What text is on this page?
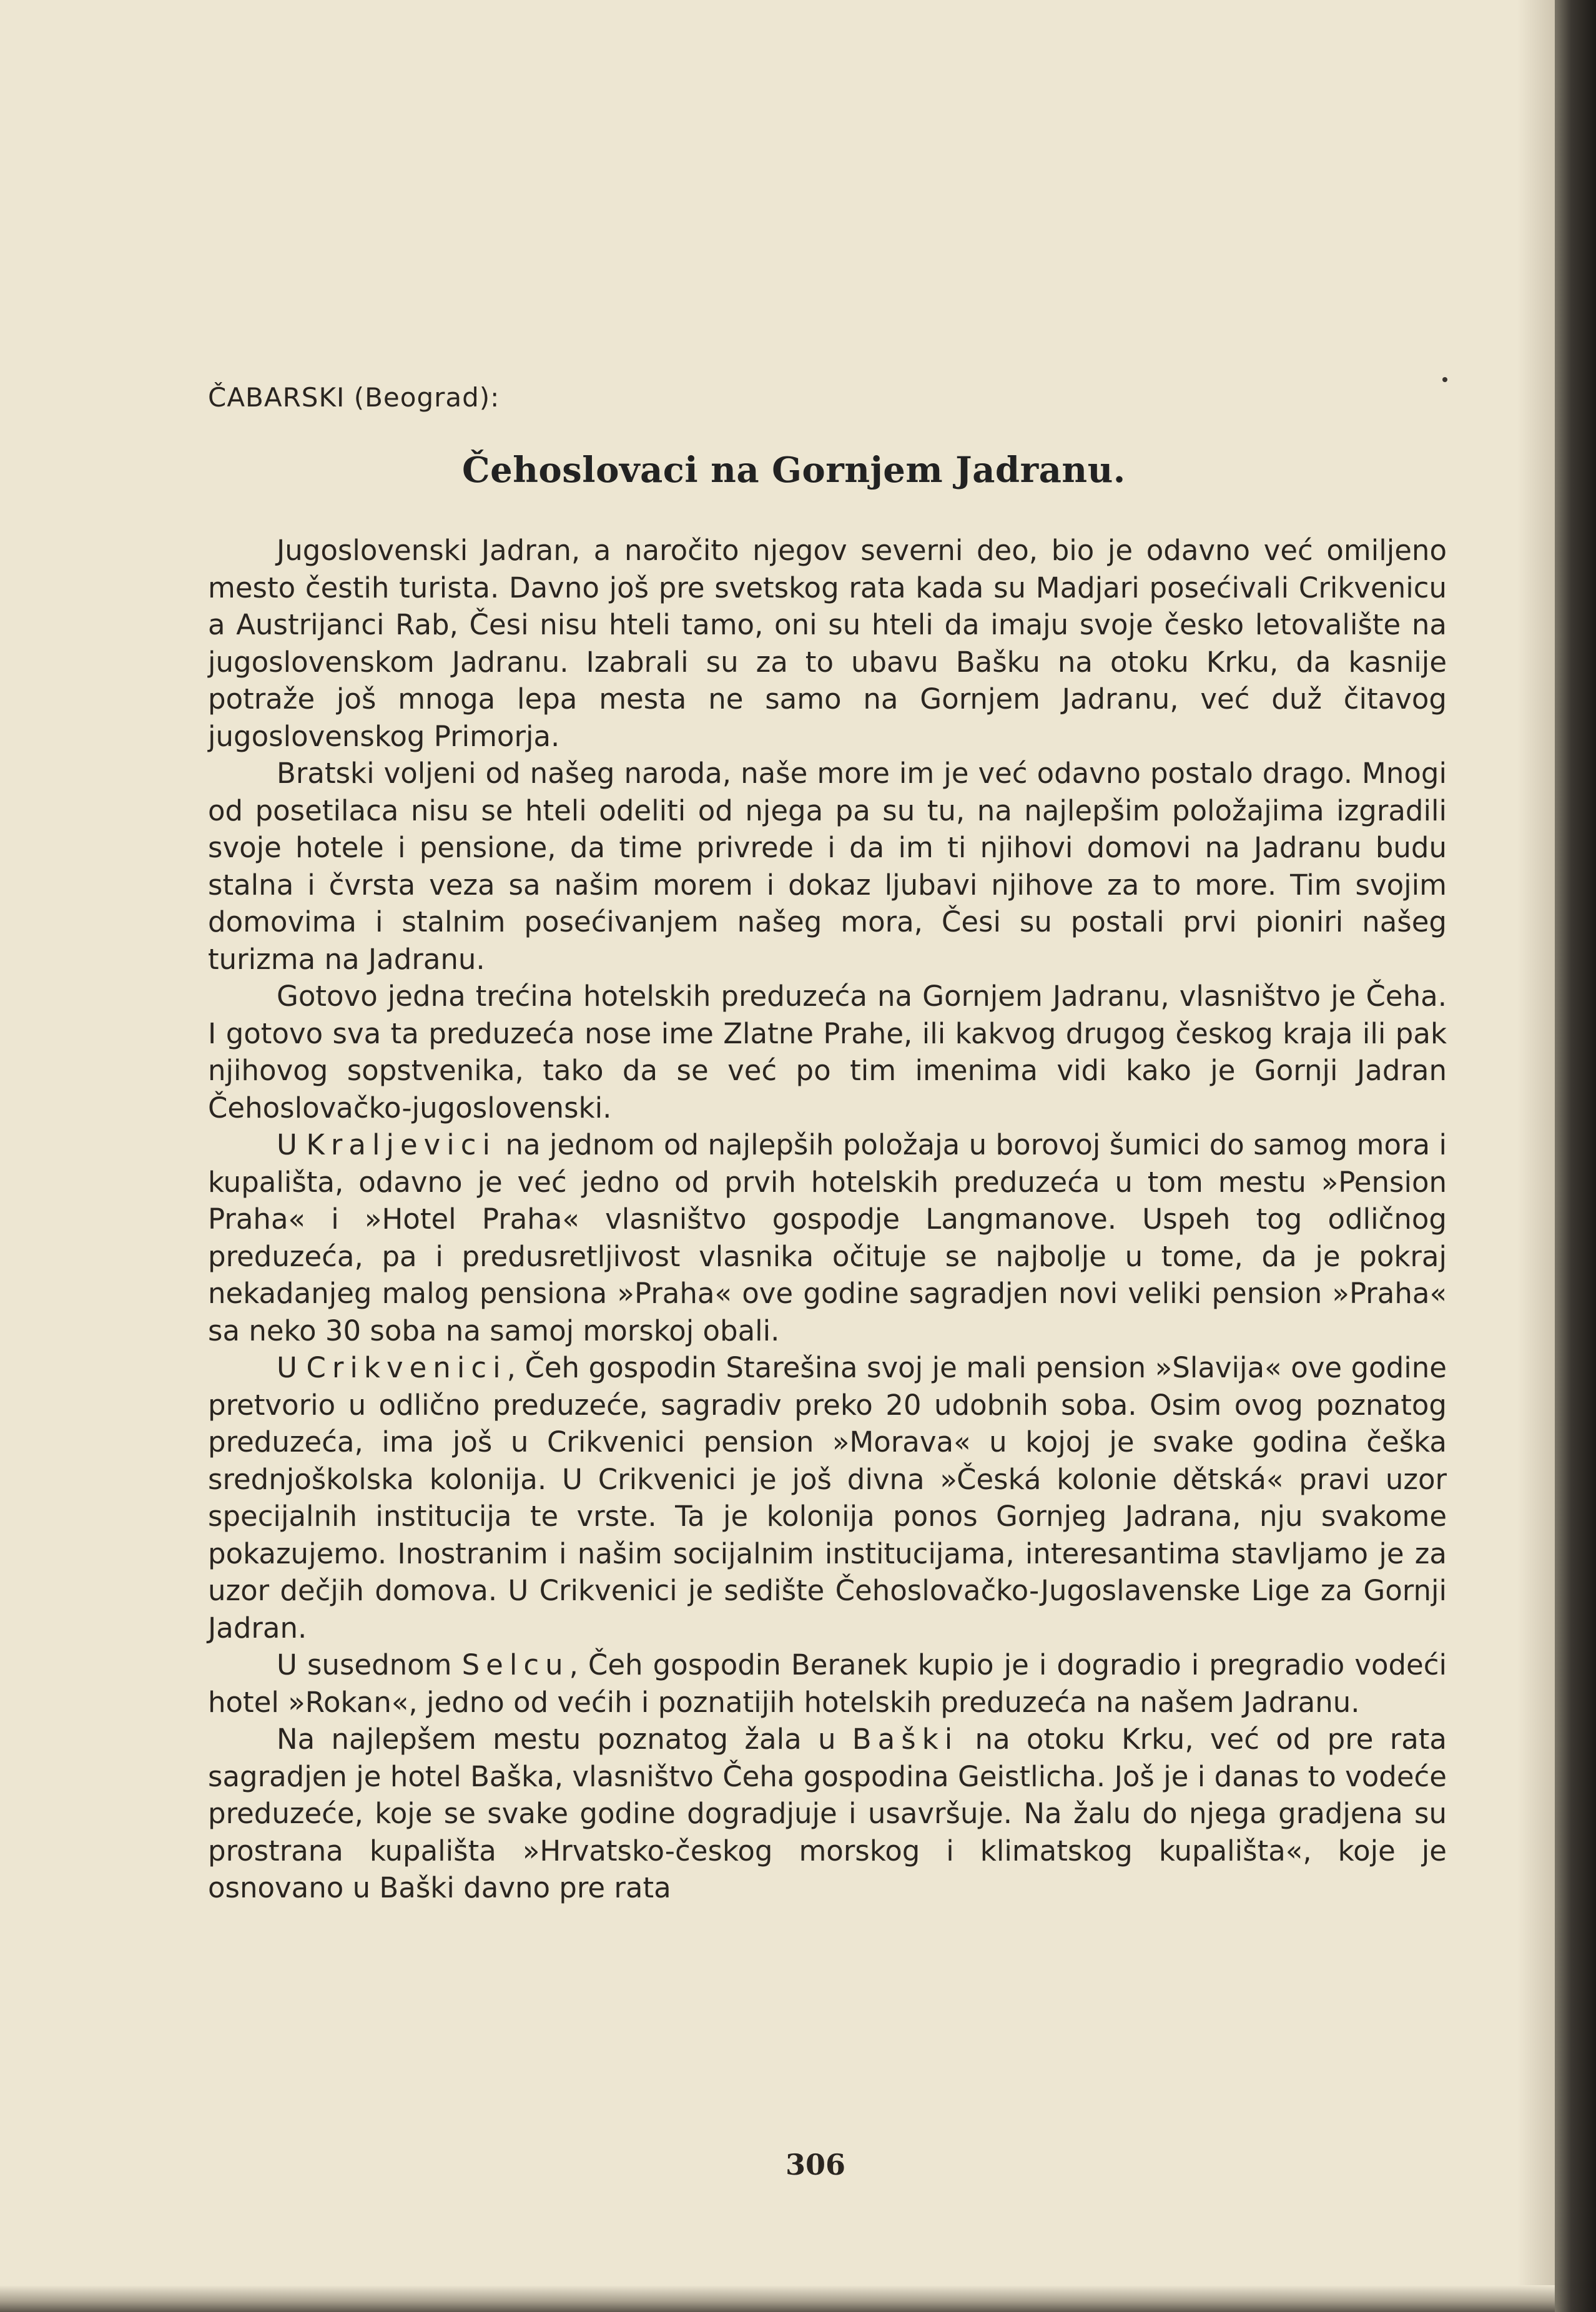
ČABARSKI (Beograd):
Čehoslovaci na Gornjem Jadranu.

Jugoslovenski Jadran, a naročito njegov severni deo, bio je odavno već omiljeno mesto čestih turista. Davno još pre svetskog rata kada su Madjari posećivali Crikvenicu a Austrijanci Rab, Česi nisu hteli tamo, oni su hteli da imaju svoje česko letovalište na jugoslovenskom Jadranu. Izabrali su za to ubavu Bašku na otoku Krku, da kasnije potraže još mnoga lepa mesta ne samo na Gornjem Jadranu, već duž čitavog jugoslovenskog Primorja.

Bratski voljeni od našeg naroda, naše more im je već odavno postalo drago. Mnogi od posetilaca nisu se hteli odeliti od njega pa su tu, na najlepšim položajima izgradili svoje hotele i pensione, da time privrede i da im ti njihovi domovi na Jadranu budu stalna i čvrsta veza sa našim morem i dokaz ljubavi njihove za to more. Tim svojim domovima i stalnim posećivanjem našeg mora, Česi su postali prvi pioniri našeg turizma na Jadranu.

Gotovo jedna trećina hotelskih preduzeća na Gornjem Jadranu, vlasništvo je Čeha. I gotovo sva ta preduzeća nose ime Zlatne Prahe, ili kakvog drugog českog kraja ili pak njihovog sopstvenika, tako da se već po tim imenima vidi kako je Gornji Jadran Čehoslovačko-jugoslovenski.

U Kraljevici na jednom od najlepših položaja u borovoj šumici do samog mora i kupališta, odavno je već jedno od prvih hotelskih preduzeća u tom mestu »Pension Praha« i »Hotel Praha« vlasništvo gospodje Langmanove. Uspeh tog odličnog preduzeća, pa i predusretljivost vlasnika očituje se najbolje u tome, da je pokraj nekadanjeg malog pensiona »Praha« ove godine sagradjen novi veliki pension »Praha« sa neko 30 soba na samoj morskoj obali.

U Crikvenici, Čeh gospodin Starešina svoj je mali pension »Slavija« ove godine pretvorio u odlično preduzeće, sagradiv preko 20 udobnih soba. Osim ovog poznatog preduzeća, ima još u Crikvenici pension »Morava« u kojoj je svake godina češka srednjoškolska kolonija. U Crikvenici je još divna »Česká kolonie dětská« pravi uzor specijalnih institucija te vrste. Ta je kolonija ponos Gornjeg Jadrana, nju svakome pokazujemo. Inostranim i našim socijalnim institucijama, interesantima stavljamo je za uzor dečjih domova. U Crikvenici je sedište Čehoslovačko-Jugoslavenske Lige za Gornji Jadran.

U susednom Selcu, Čeh gospodin Beranek kupio je i dogradio i pregradio vodeći hotel »Rokan«, jedno od većih i poznatijih hotelskih preduzeća na našem Jadranu.

Na najlepšem mestu poznatog žala u Baški na otoku Krku, već od pre rata sagradjen je hotel Baška, vlasništvo Čeha gospodina Geistlicha. Još je i danas to vodeće preduzeće, koje se svake godine dogradjuje i usavršuje. Na žalu do njega gradjena su prostrana kupališta »Hrvatsko-českog morskog i klimatskog kupališta«, koje je osnovano u Baški davno pre rata

306
